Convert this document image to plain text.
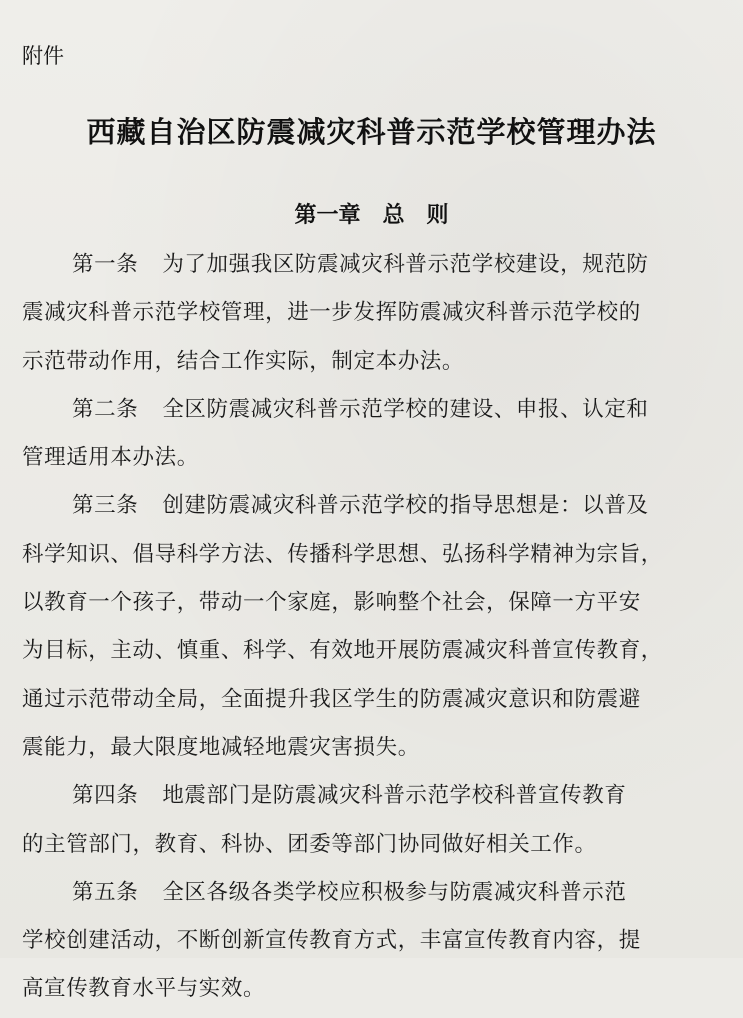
附件
西藏自治区防震减灾科普示范学校管理办法
第一章 总 则
第一条 为了加强我区防震减灾科普示范学校建设，规范防
震减灾科普示范学校管理，进一步发挥防震减灾科普示范学校的
示范带动作用，结合工作实际，制定本办法。
第二条 全区防震减灾科普示范学校的建设、申报、认定和
管理适用本办法。
第三条 创建防震减灾科普示范学校的指导思想是：以普及
科学知识、倡导科学方法、传播科学思想、弘扬科学精神为宗旨，
以教育一个孩子，带动一个家庭，影响整个社会，保障一方平安
为目标，主动、慎重、科学、有效地开展防震减灾科普宣传教育，
通过示范带动全局，全面提升我区学生的防震减灾意识和防震避
震能力，最大限度地减轻地震灾害损失。
第四条 地震部门是防震减灾科普示范学校科普宣传教育
的主管部门，教育、科协、团委等部门协同做好相关工作。
第五条 全区各级各类学校应积极参与防震减灾科普示范
学校创建活动，不断创新宣传教育方式，丰富宣传教育内容，提
高宣传教育水平与实效。
